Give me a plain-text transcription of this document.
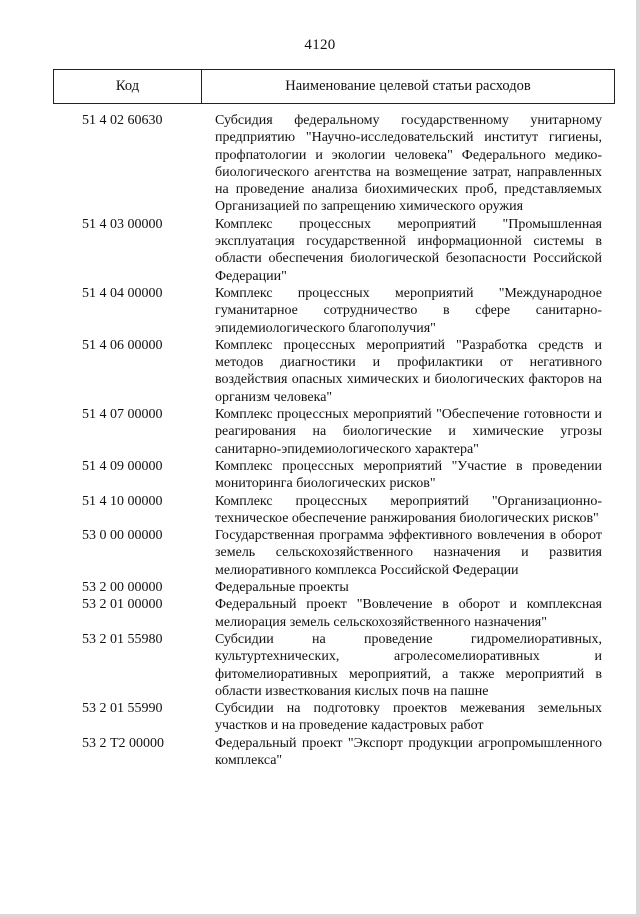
4120
Код	Наименование целевой статьи расходов
51 4 02 60630	Субсидия федеральному государственному унитарному предприятию "Научно-исследовательский институт гигиены, профпатологии и экологии человека" Федерального медико-биологического агентства на возмещение затрат, направленных на проведение анализа биохимических проб, представляемых Организацией по запрещению химического оружия
51 4 03 00000	Комплекс процессных мероприятий "Промышленная эксплуатация государственной информационной системы в области обеспечения биологической безопасности Российской Федерации"
51 4 04 00000	Комплекс процессных мероприятий "Международное гуманитарное сотрудничество в сфере санитарно-эпидемиологического благополучия"
51 4 06 00000	Комплекс процессных мероприятий "Разработка средств и методов диагностики и профилактики от негативного воздействия опасных химических и биологических факторов на организм человека"
51 4 07 00000	Комплекс процессных мероприятий "Обеспечение готовности и реагирования на биологические и химические угрозы санитарно-эпидемиологического характера"
51 4 09 00000	Комплекс процессных мероприятий "Участие в проведении мониторинга биологических рисков"
51 4 10 00000	Комплекс процессных мероприятий "Организационно-техническое обеспечение ранжирования биологических рисков"
53 0 00 00000	Государственная программа эффективного вовлечения в оборот земель сельскохозяйственного назначения и развития мелиоративного комплекса Российской Федерации
53 2 00 00000	Федеральные проекты
53 2 01 00000	Федеральный проект "Вовлечение в оборот и комплексная мелиорация земель сельскохозяйственного назначения"
53 2 01 55980	Субсидии на проведение гидромелиоративных, культуртехнических, агролесомелиоративных и фитомелиоративных мероприятий, а также мероприятий в области известкования кислых почв на пашне
53 2 01 55990	Субсидии на подготовку проектов межевания земельных участков и на проведение кадастровых работ
53 2 Т2 00000	Федеральный проект "Экспорт продукции агропромышленного комплекса"
